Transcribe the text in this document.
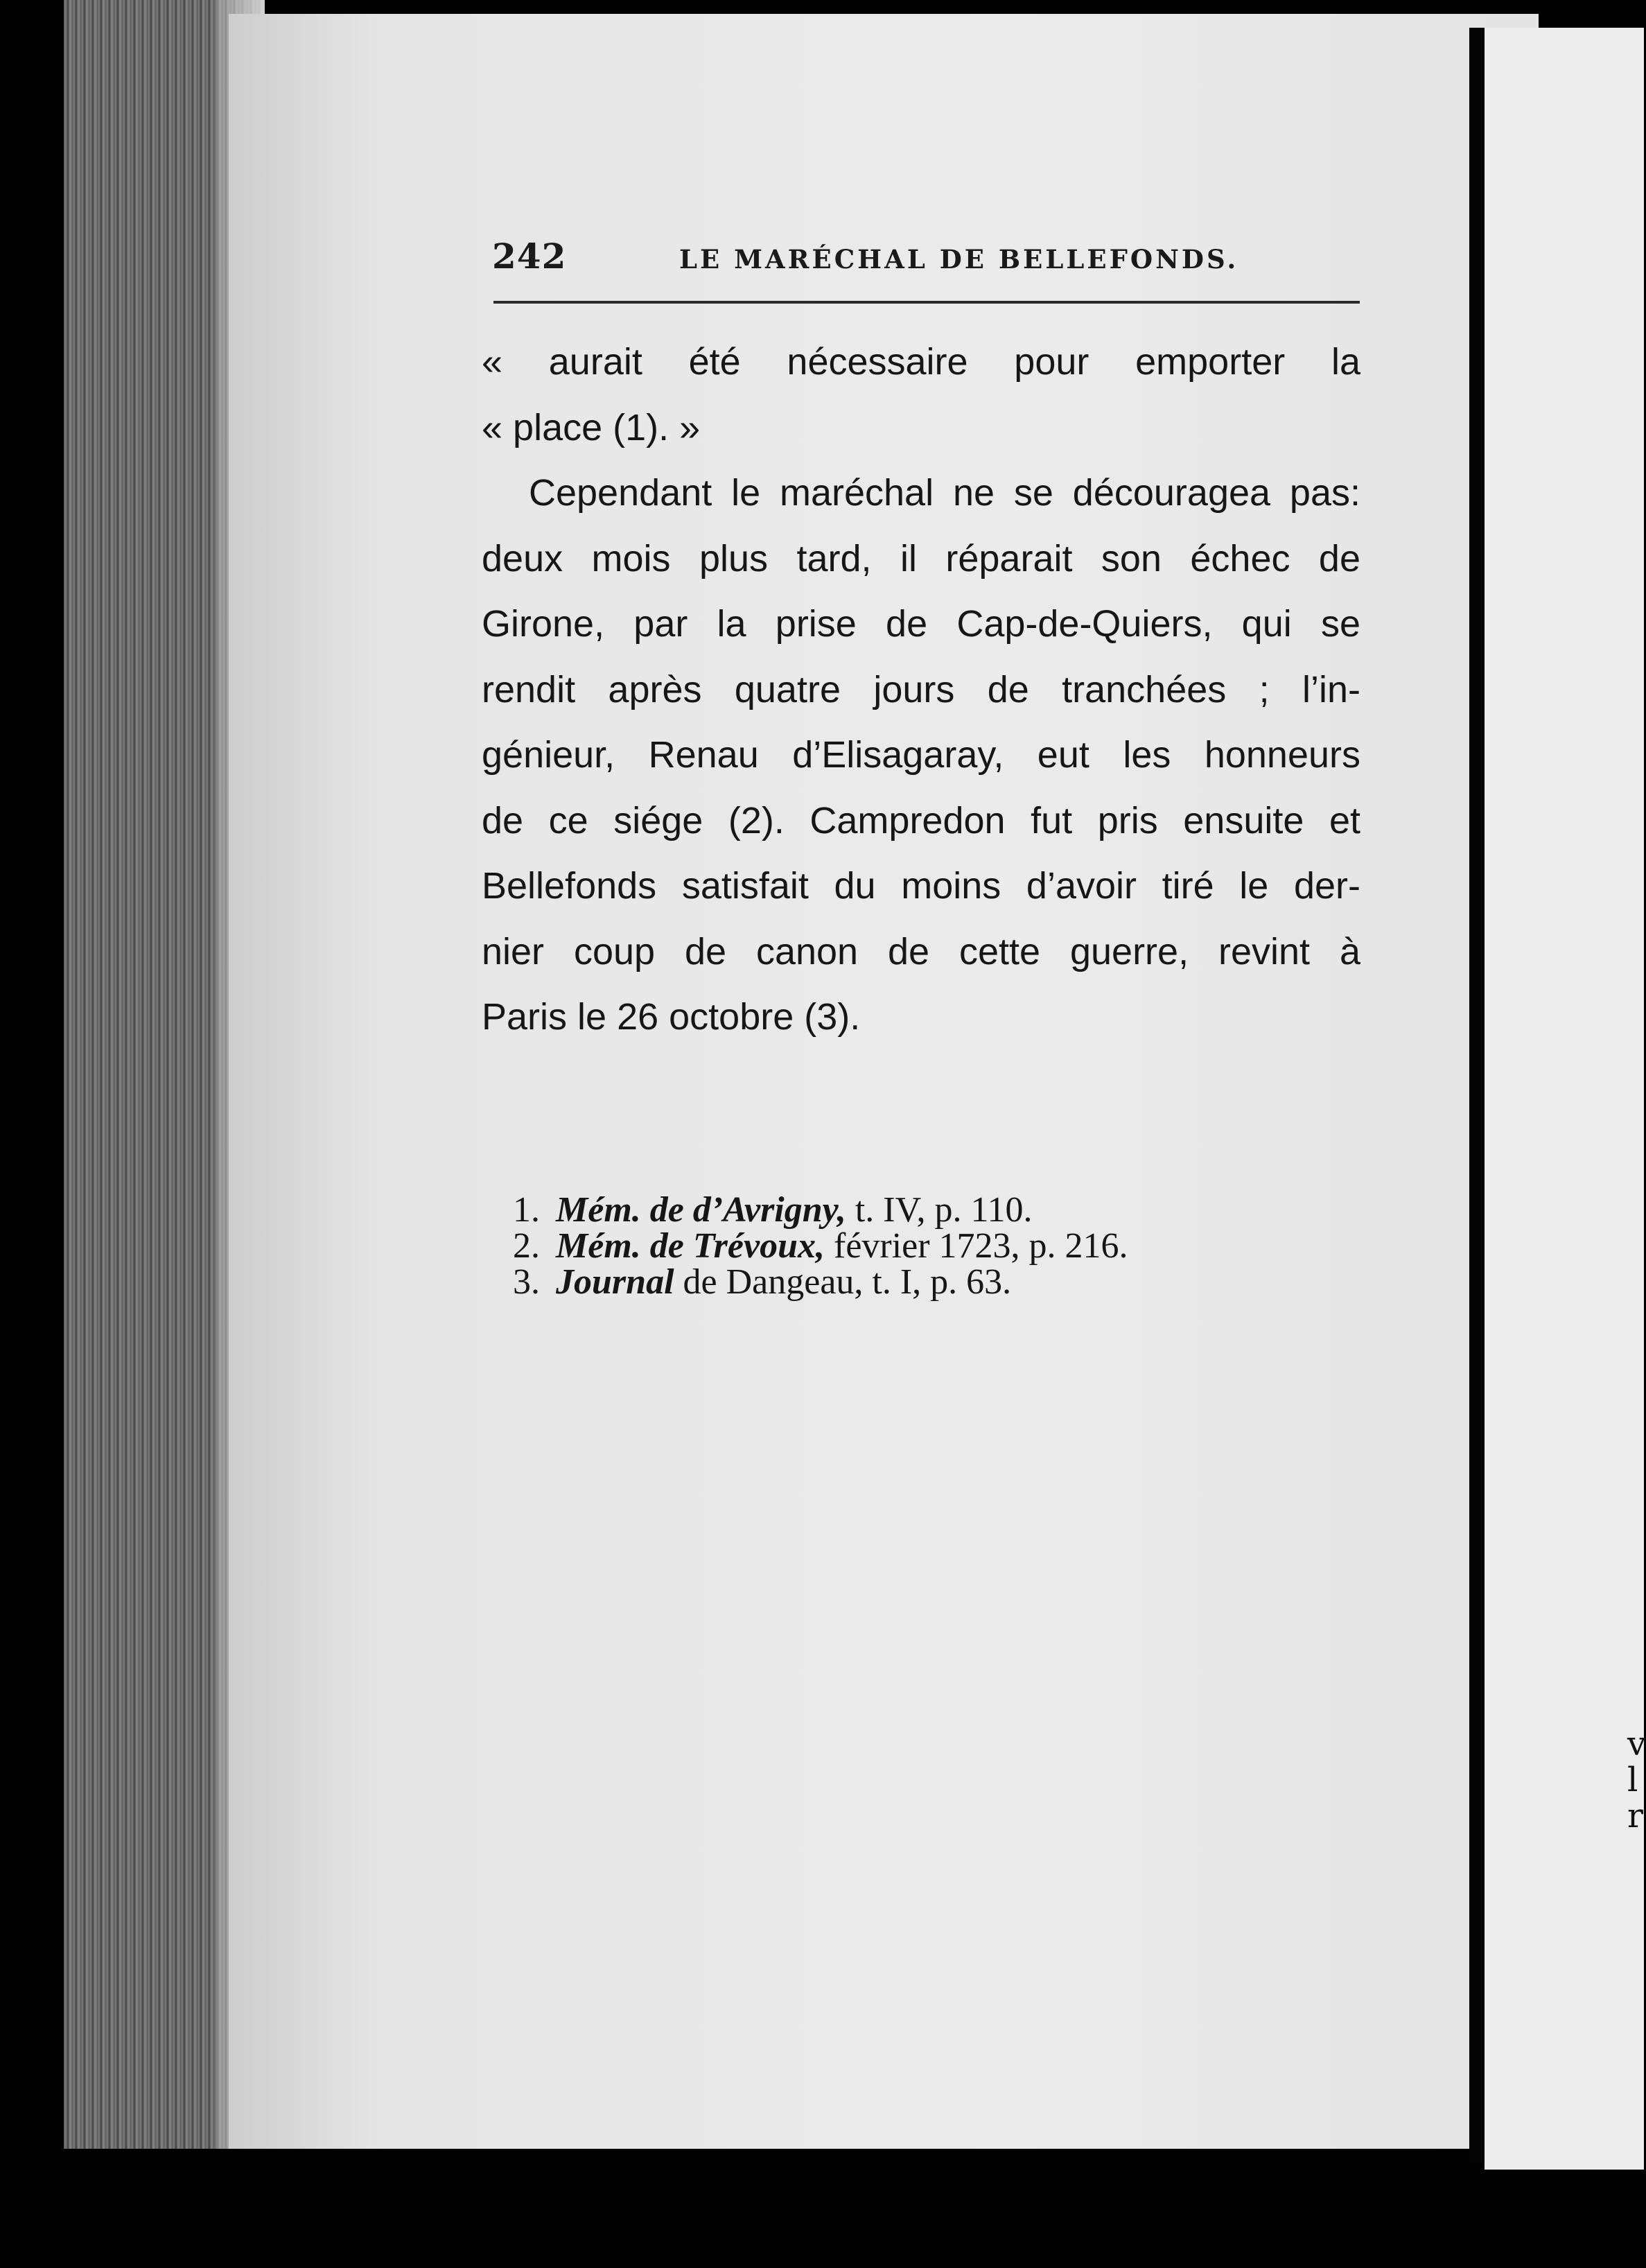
242	LE MARÉCHAL DE BELLEFONDS.
« aurait été nécessaire pour emporter la
« place (1). »
Cependant le maréchal ne se découragea pas:
deux mois plus tard, il réparait son échec de
Girone, par la prise de Cap-de-Quiers, qui se
rendit après quatre jours de tranchées ; l’in-
génieur, Renau d’Elisagaray, eut les honneurs
de ce siége (2). Campredon fut pris ensuite et
Bellefonds satisfait du moins d’avoir tiré le der-
nier coup de canon de cette guerre, revint à
Paris le 26 octobre (3).
1. Mém. de d’Avrigny, t. IV, p. 110.
2. Mém. de Trévoux, février 1723, p. 216.
3. Journal de Dangeau, t. I, p. 63.
v
l
r
